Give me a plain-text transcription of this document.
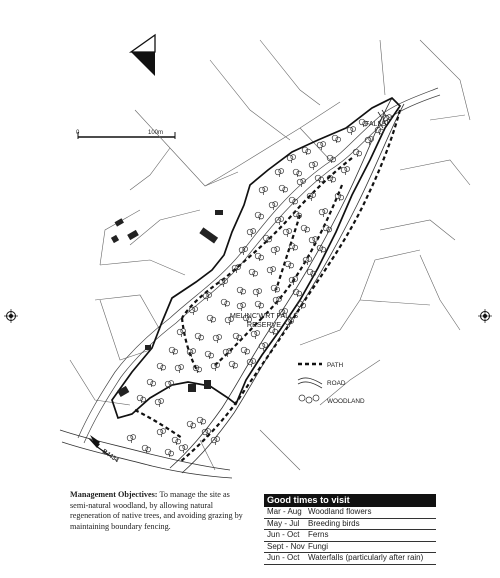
0	100m
FALLS
MELINC'WRT FALLS
RESERVE
B4434
PATH
ROAD
WOODLAND
Management Objectives: To manage the site as semi-natural woodland, by allowing natural regeneration of native trees, and avoiding grazing by maintaining boundary fencing.
Good times to visit
Mar - Aug Woodland flowers
May - Jul	Breeding birds
Jun - Oct	Ferns
Sept - Nov Fungi
Jun - Oct	Waterfalls (particularly after rain)
